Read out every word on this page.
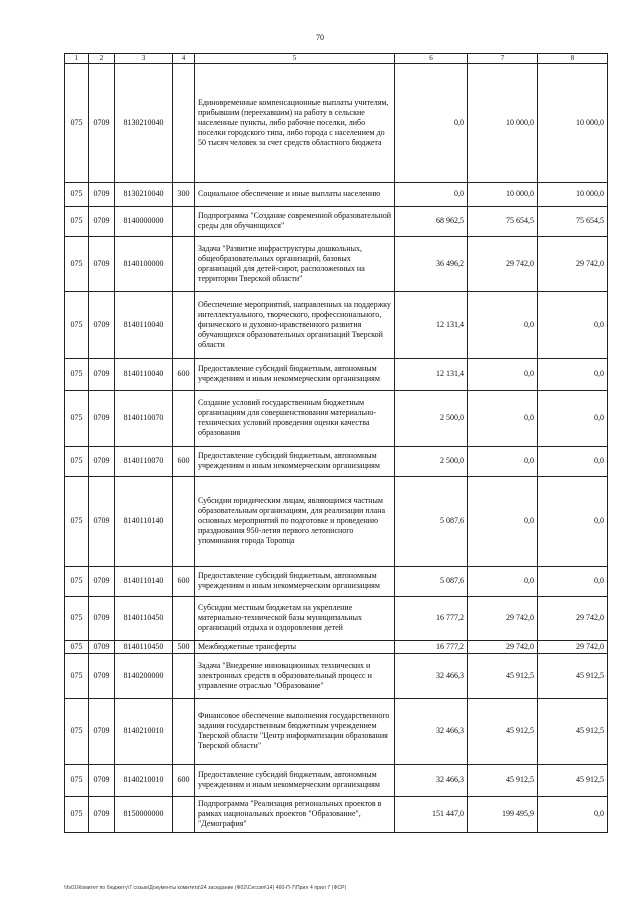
70
1	2	3	4	5	6	7	8
075	0709	8130210040		Единовременные компенсационные выплаты учителям, прибывшим (переехавшим) на работу в сельские населенные пункты, либо рабочие поселки, либо поселки городского типа, либо города с населением до 50 тысяч человек за счет средств областного бюджета	0,0	10 000,0	10 000,0
075	0709	8130210040	300	Социальное обеспечение и иные выплаты населению	0,0	10 000,0	10 000,0
075	0709	8140000000		Подпрограмма "Создание современной образовательной среды для обучающихся"	68 962,5	75 654,5	75 654,5
075	0709	8140100000		Задача "Развитие инфраструктуры дошкольных, общеобразовательных организаций, базовых организаций для детей-сирот, расположенных на территории Тверской области"	36 496,2	29 742,0	29 742,0
075	0709	8140110040		Обеспечение мероприятий, направленных на поддержку интеллектуального, творческого, профессионального, физического и духовно-нравственного развития обучающихся образовательных организаций Тверской области	12 131,4	0,0	0,0
075	0709	8140110040	600	Предоставление субсидий бюджетным, автономным учреждениям и иным некоммерческим организациям	12 131,4	0,0	0,0
075	0709	8140110070		Создание условий государственным бюджетным организациям для совершенствования материально-технических условий проведения оценки качества образования	2 500,0	0,0	0,0
075	0709	8140110070	600	Предоставление субсидий бюджетным, автономным учреждениям и иным некоммерческим организациям	2 500,0	0,0	0,0
075	0709	8140110140		Субсидии юридическим лицам, являющимся частным образовательным организациям, для реализации плана основных мероприятий по подготовке и проведению празднования 950-летия первого летописного упоминания города Торопца	5 087,6	0,0	0,0
075	0709	8140110140	600	Предоставление субсидий бюджетным, автономным учреждениям и иным некоммерческим организациям	5 087,6	0,0	0,0
075	0709	8140110450		Субсидии местным бюджетам на укрепление материально-технической базы муниципальных организаций отдыха и оздоровления детей	16 777,2	29 742,0	29 742,0
075	0709	8140110450	500	Межбюджетные трансферты	16 777,2	29 742,0	29 742,0
075	0709	8140200000		Задача "Внедрение инновационных технических и электронных средств в образовательный процесс и управление отраслью "Образование"	32 466,3	45 912,5	45 912,5
075	0709	8140210010		Финансовое обеспечение выполнения государственного задания государственным бюджетным учреждением Тверской области "Центр информатизации образования Тверской области"	32 466,3	45 912,5	45 912,5
075	0709	8140210010	600	Предоставление субсидий бюджетным, автономным учреждениям и иным некоммерческим организациям	32 466,3	45 912,5	45 912,5
075	0709	8150000000		Подпрограмма "Реализация региональных проектов в рамках национальных проектов "Образование", "Демография"	151 447,0	199 495,9	0,0
\\fs01\Комитет по бюджету\7 созыв\Документы комитета\24 заседание (Ф02\Сессия\14) 460-П-7\Прил 4 прил 7 (ФСР)
